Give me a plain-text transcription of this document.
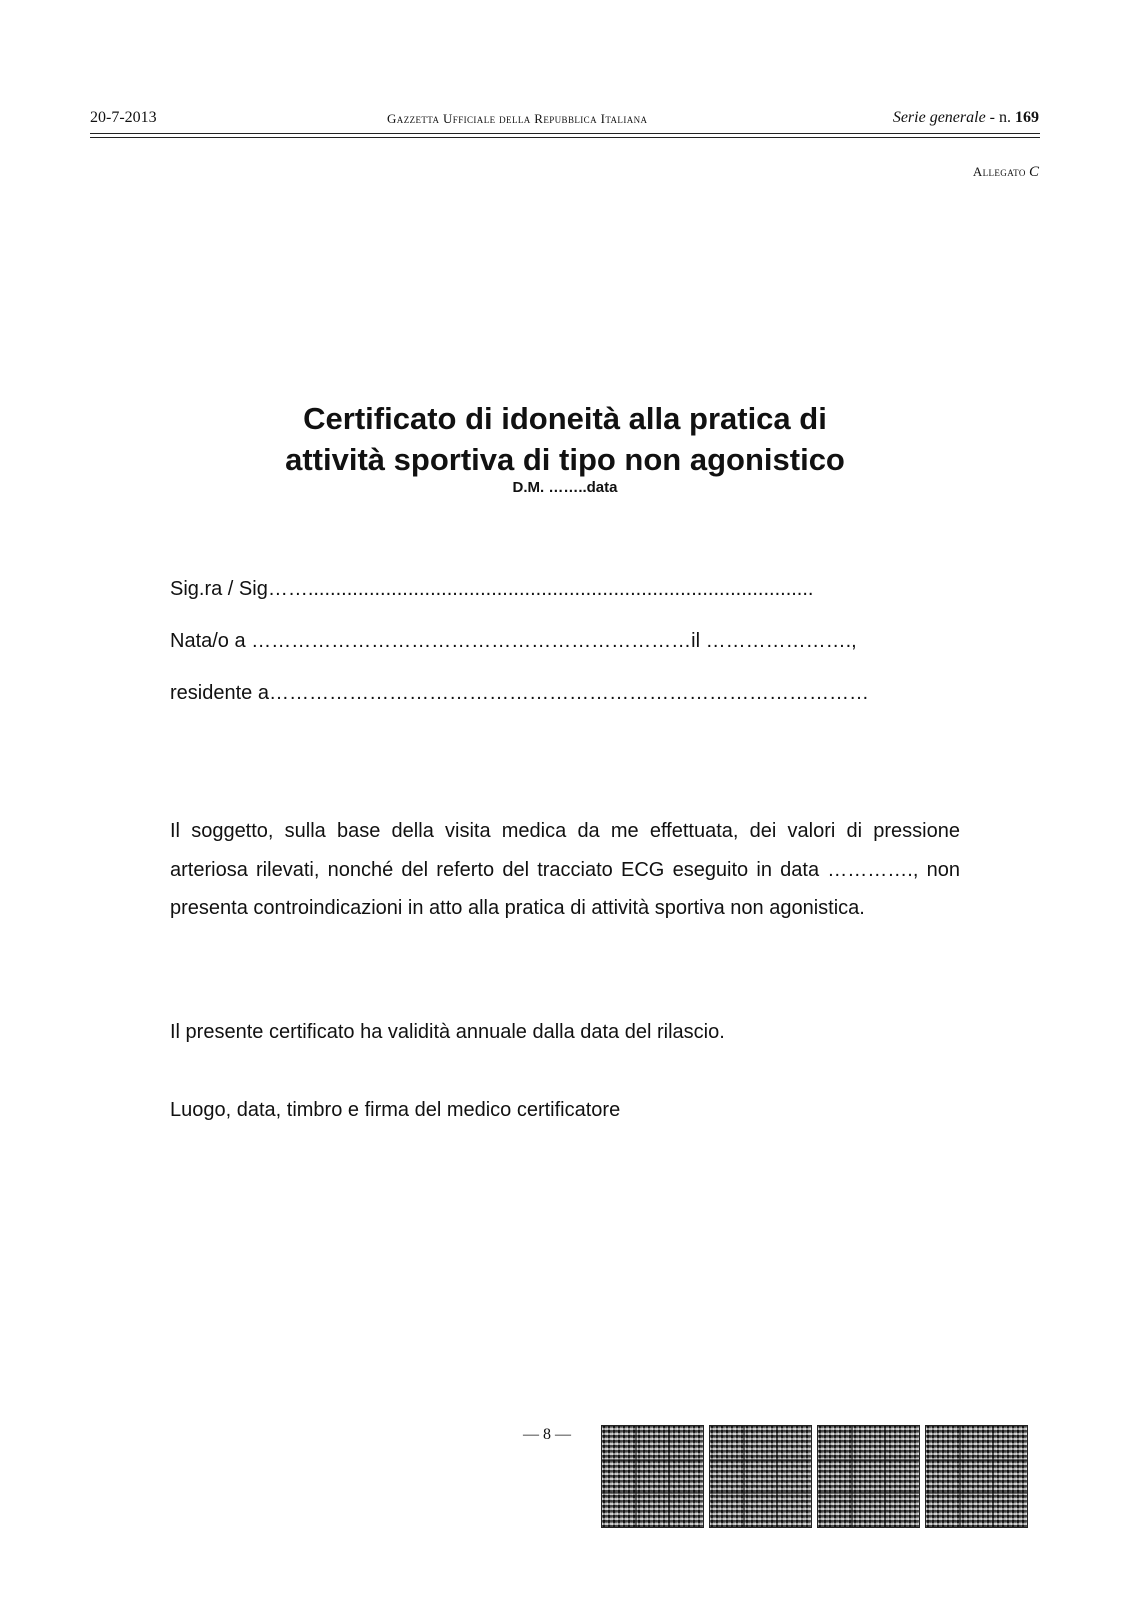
20-7-2013	Gazzetta Ufficiale della Repubblica Italiana	Serie generale - n. 169
Allegato C
Certificato di idoneità alla pratica di
attività sportiva di tipo non agonistico
D.M. ……..data
Sig.ra / Sig……...........................................................................................
Nata/o a …………………………………………………………il ………………….,
residente a………………………………………………………………………………
Il soggetto, sulla base della visita medica da me effettuata, dei valori di pressione arteriosa rilevati, nonché del referto del tracciato ECG eseguito in data …………., non presenta controindicazioni in atto alla pratica di attività sportiva non agonistica.
Il presente certificato ha validità annuale dalla data del rilascio.
Luogo, data, timbro e firma del medico certificatore
— 8 —
